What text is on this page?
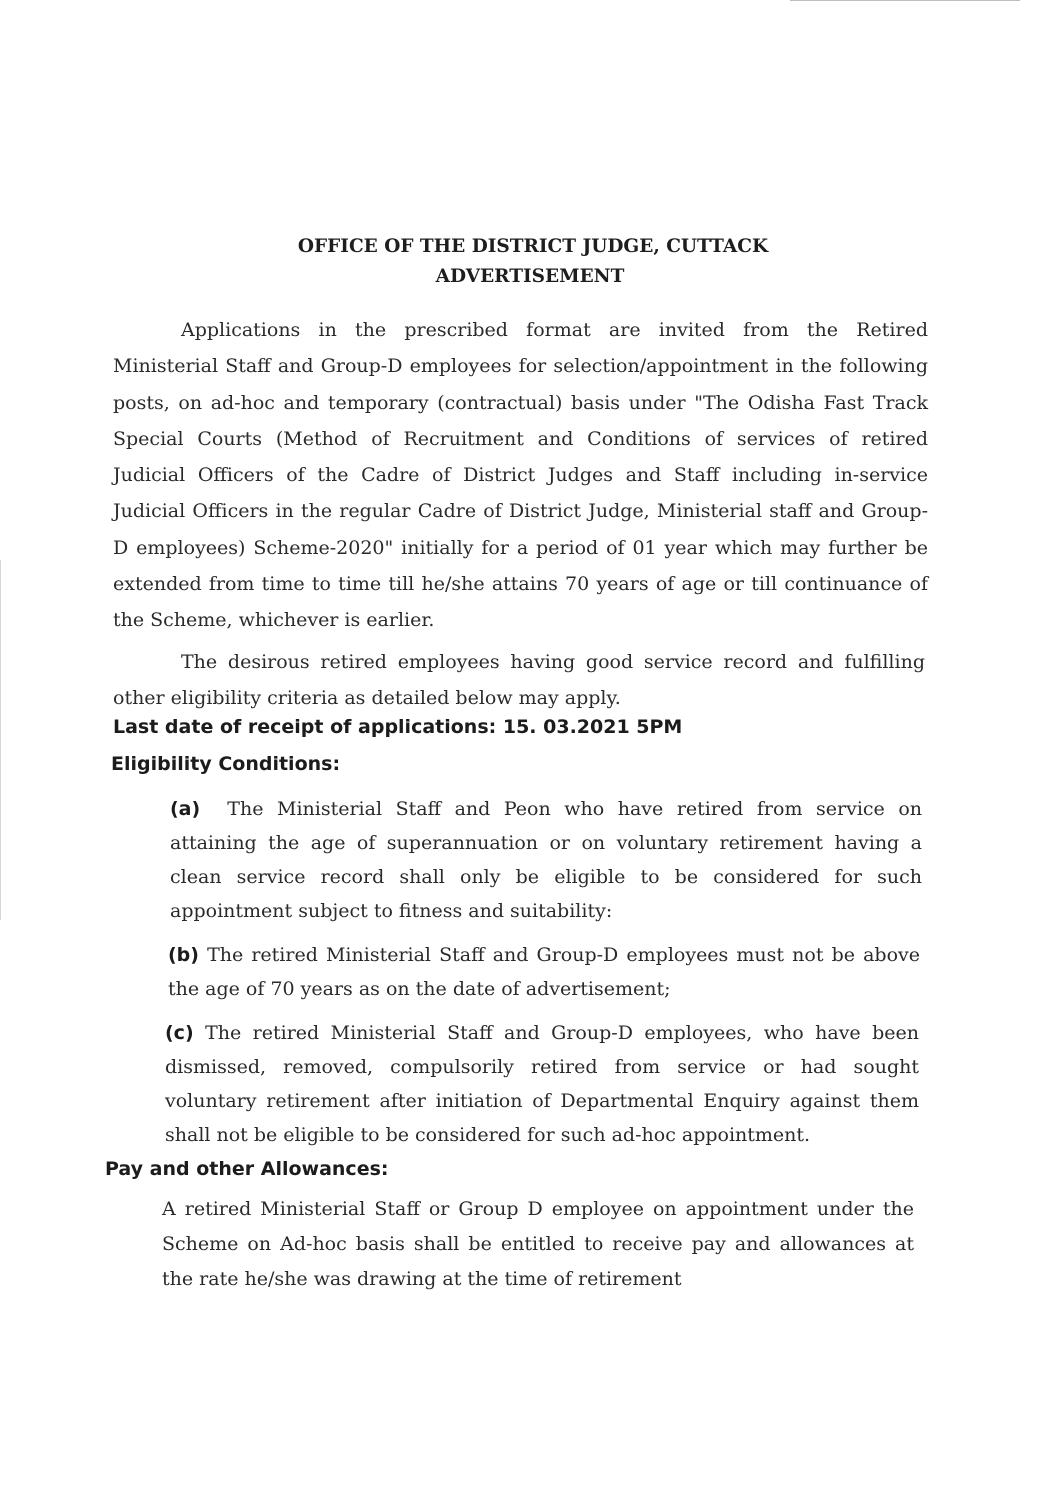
OFFICE OF THE DISTRICT JUDGE, CUTTACK
ADVERTISEMENT
Applications in the prescribed format are invited from the Retired Ministerial Staff and Group-D employees for selection/appointment in the following posts, on ad-hoc and temporary (contractual) basis under "The Odisha Fast Track Special Courts (Method of Recruitment and Conditions of services of retired Judicial Officers of the Cadre of District Judges and Staff including in-service Judicial Officers in the regular Cadre of District Judge, Ministerial staff and Group-D employees) Scheme-2020" initially for a period of 01 year which may further be extended from time to time till he/she attains 70 years of age or till continuance of the Scheme, whichever is earlier.
The desirous retired employees having good service record and fulfilling other eligibility criteria as detailed below may apply.
Last date of receipt of applications: 15. 03.2021 5PM
Eligibility Conditions:
(a) The Ministerial Staff and Peon who have retired from service on attaining the age of superannuation or on voluntary retirement having a clean service record shall only be eligible to be considered for such appointment subject to fitness and suitability:
(b) The retired Ministerial Staff and Group-D employees must not be above the age of 70 years as on the date of advertisement;
(c) The retired Ministerial Staff and Group-D employees, who have been dismissed, removed, compulsorily retired from service or had sought voluntary retirement after initiation of Departmental Enquiry against them shall not be eligible to be considered for such ad-hoc appointment.
Pay and other Allowances:
A retired Ministerial Staff or Group D employee on appointment under the Scheme on Ad-hoc basis shall be entitled to receive pay and allowances at the rate he/she was drawing at the time of retirement
